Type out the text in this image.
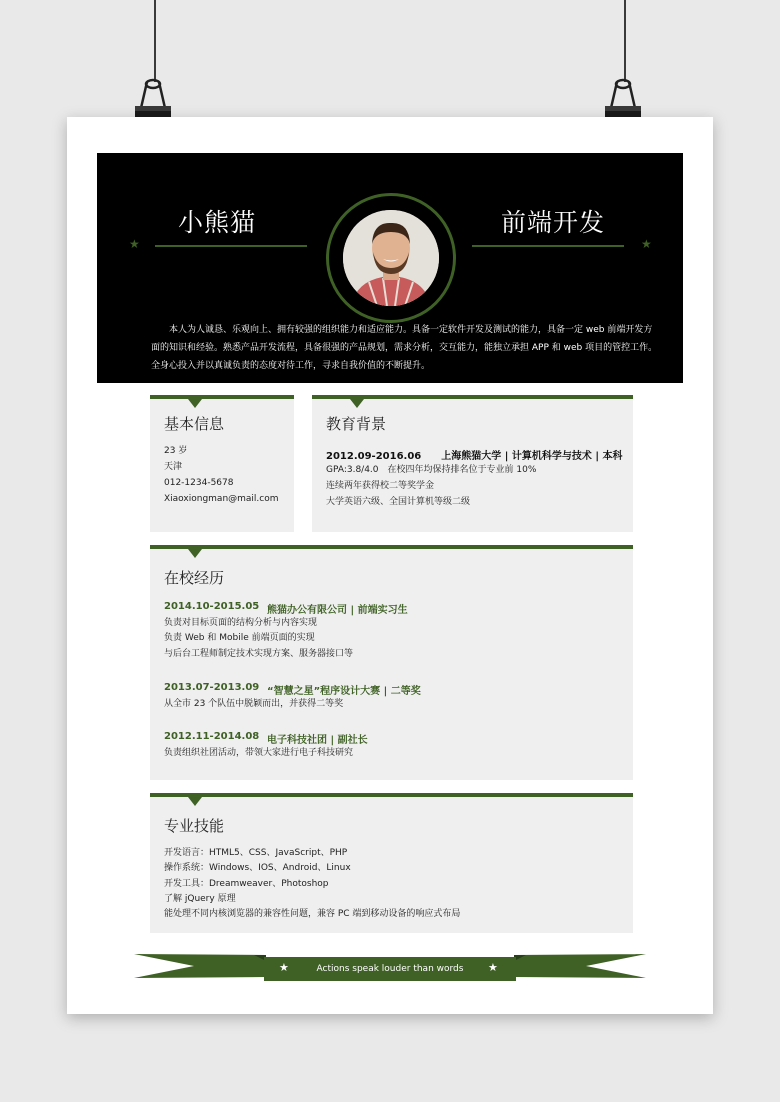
小熊猫	前端开发
★	★
本人为人诚恳、乐观向上、拥有较强的组织能力和适应能力。具备一定软件开发及测试的能力，具备一定 web 前端开发方面的知识和经验。熟悉产品开发流程，具备很强的产品规划，需求分析，交互能力，能独立承担 APP 和 web 项目的管控工作。全身心投入并以真诚负责的态度对待工作，寻求自我价值的不断提升。
基本信息
23 岁
天津
012-1234-5678
Xiaoxiongman@mail.com
教育背景
2012.09-2016.06　　上海熊猫大学 | 计算机科学与技术 | 本科
GPA:3.8/4.0　在校四年均保持排名位于专业前 10%
连续两年获得校二等奖学金
大学英语六级、全国计算机等级二级
在校经历
2014.10-2015.05 熊猫办公有限公司 | 前端实习生
负责对目标页面的结构分析与内容实现
负责 Web 和 Mobile 前端页面的实现
与后台工程师制定技术实现方案、服务器接口等
2013.07-2013.09 “智慧之星”程序设计大赛 | 二等奖
从全市 23 个队伍中脱颖而出，并获得二等奖
2012.11-2014.08 电子科技社团 | 副社长
负责组织社团活动，带领大家进行电子科技研究
专业技能
开发语言：HTML5、CSS、JavaScript、PHP
操作系统：Windows、IOS、Android、Linux
开发工具：Dreamweaver、Photoshop
了解 jQuery 原理
能处理不同内核浏览器的兼容性问题，兼容 PC 端到移动设备的响应式布局
★	Actions speak louder than words	★
